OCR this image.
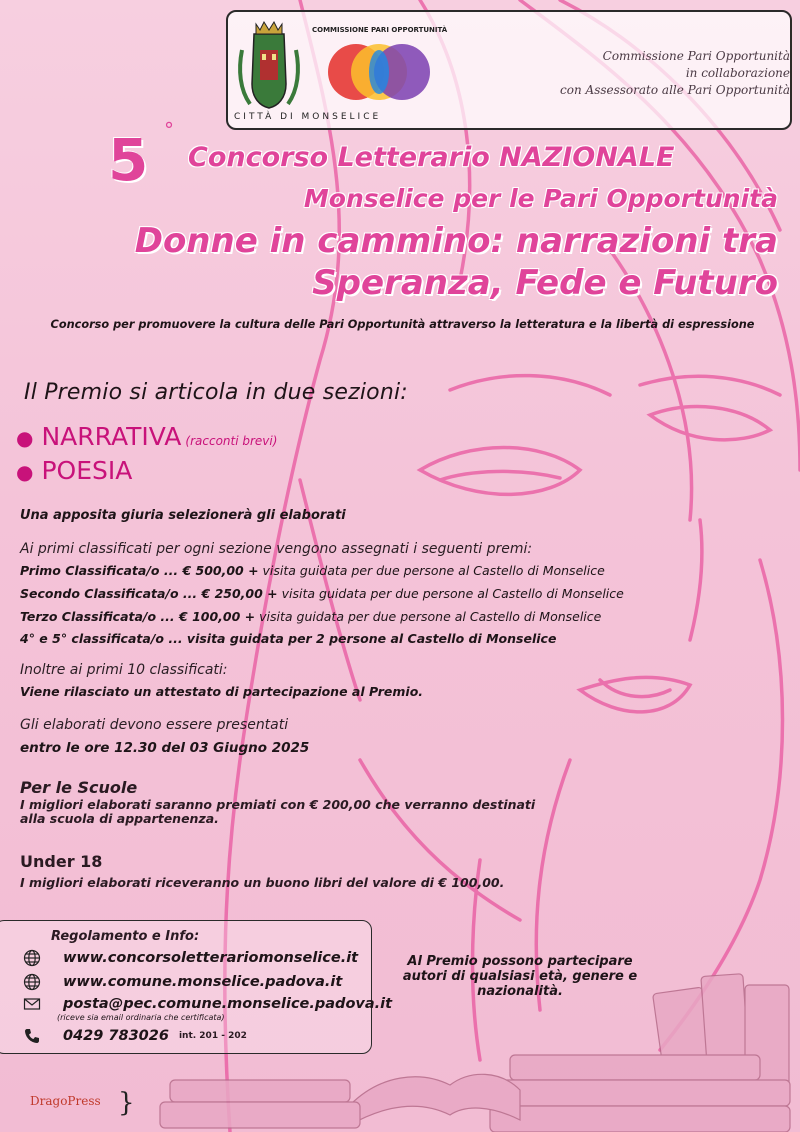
CITTÀ DI MONSELICE
COMMISSIONE PARI OPPORTUNITÀ
Commissione Pari Opportunità
in collaborazione
con Assessorato alle Pari Opportunità
5 °
Concorso Letterario NAZIONALE
Monselice per le Pari Opportunità
Donne in cammino: narrazioni tra
Speranza, Fede e Futuro
Concorso per promuovere la cultura delle Pari Opportunità attraverso la letteratura e la libertà di espressione
Il Premio si articola in due sezioni:
● NARRATIVA (racconti brevi)
● POESIA
Una apposita giuria selezionerà gli elaborati
Ai primi classificati per ogni sezione vengono assegnati i seguenti premi:
Primo Classificata/o ... € 500,00 + visita guidata per due persone al Castello di Monselice
Secondo Classificata/o ... € 250,00 + visita guidata per due persone al Castello di Monselice
Terzo Classificata/o ... € 100,00 + visita guidata per due persone al Castello di Monselice
4° e 5° classificata/o ... visita guidata per 2 persone al Castello di Monselice
Inoltre ai primi 10 classificati:
Viene rilasciato un attestato di partecipazione al Premio.
Gli elaborati devono essere presentati
entro le ore 12.30 del 03 Giugno 2025
Per le Scuole
I migliori elaborati saranno premiati con € 200,00 che verranno destinati alla scuola di appartenenza.
Under 18
I migliori elaborati riceveranno un buono libri del valore di € 100,00.
Regolamento e Info:
www.concorsoletterariomonselice.it
www.comune.monselice.padova.it
posta@pec.comune.monselice.padova.it
(riceve sia email ordinaria che certificata)
0429 783026 int. 201 - 202
Al Premio possono partecipare autori di qualsiasi età, genere e nazionalità.
DragoPress }
